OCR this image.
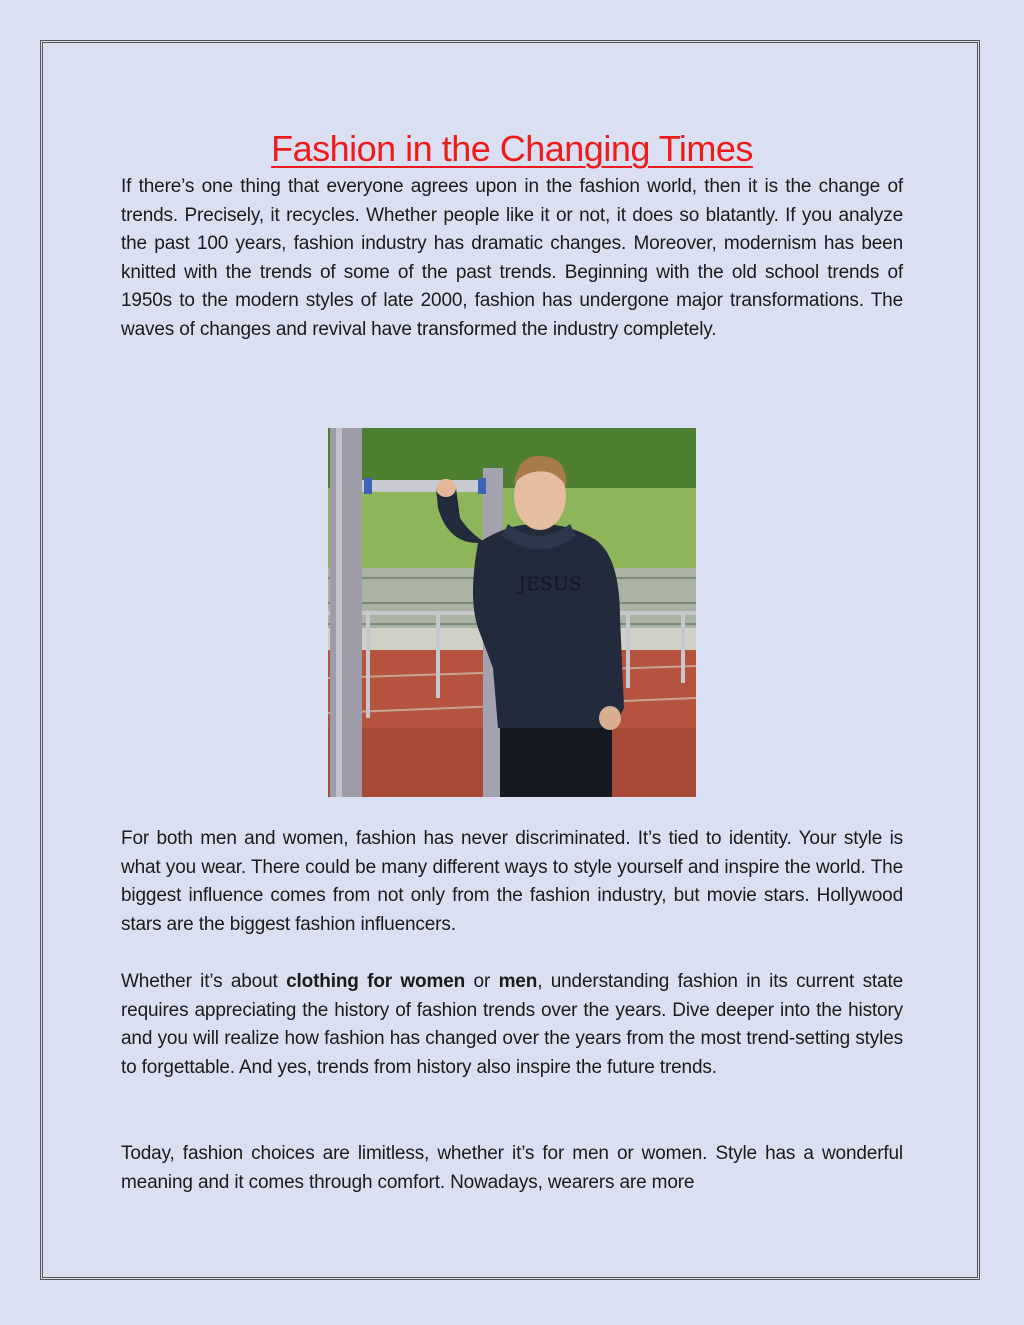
Fashion in the Changing Times

If there’s one thing that everyone agrees upon in the fashion world, then it is the change of trends. Precisely, it recycles. Whether people like it or not, it does so blatantly. If you analyze the past 100 years, fashion industry has dramatic changes. Moreover, modernism has been knitted with the trends of some of the past trends. Beginning with the old school trends of 1950s to the modern styles of late 2000, fashion has undergone major transformations. The waves of changes and revival have transformed the industry completely.

JESUS

For both men and women, fashion has never discriminated. It’s tied to identity. Your style is what you wear. There could be many different ways to style yourself and inspire the world. The biggest influence comes from not only from the fashion industry, but movie stars. Hollywood stars are the biggest fashion influencers.

Whether it’s about clothing for women or men, understanding fashion in its current state requires appreciating the history of fashion trends over the years. Dive deeper into the history and you will realize how fashion has changed over the years from the most trend-setting styles to forgettable. And yes, trends from history also inspire the future trends.

Today, fashion choices are limitless, whether it’s for men or women. Style has a wonderful meaning and it comes through comfort. Nowadays, wearers are more
